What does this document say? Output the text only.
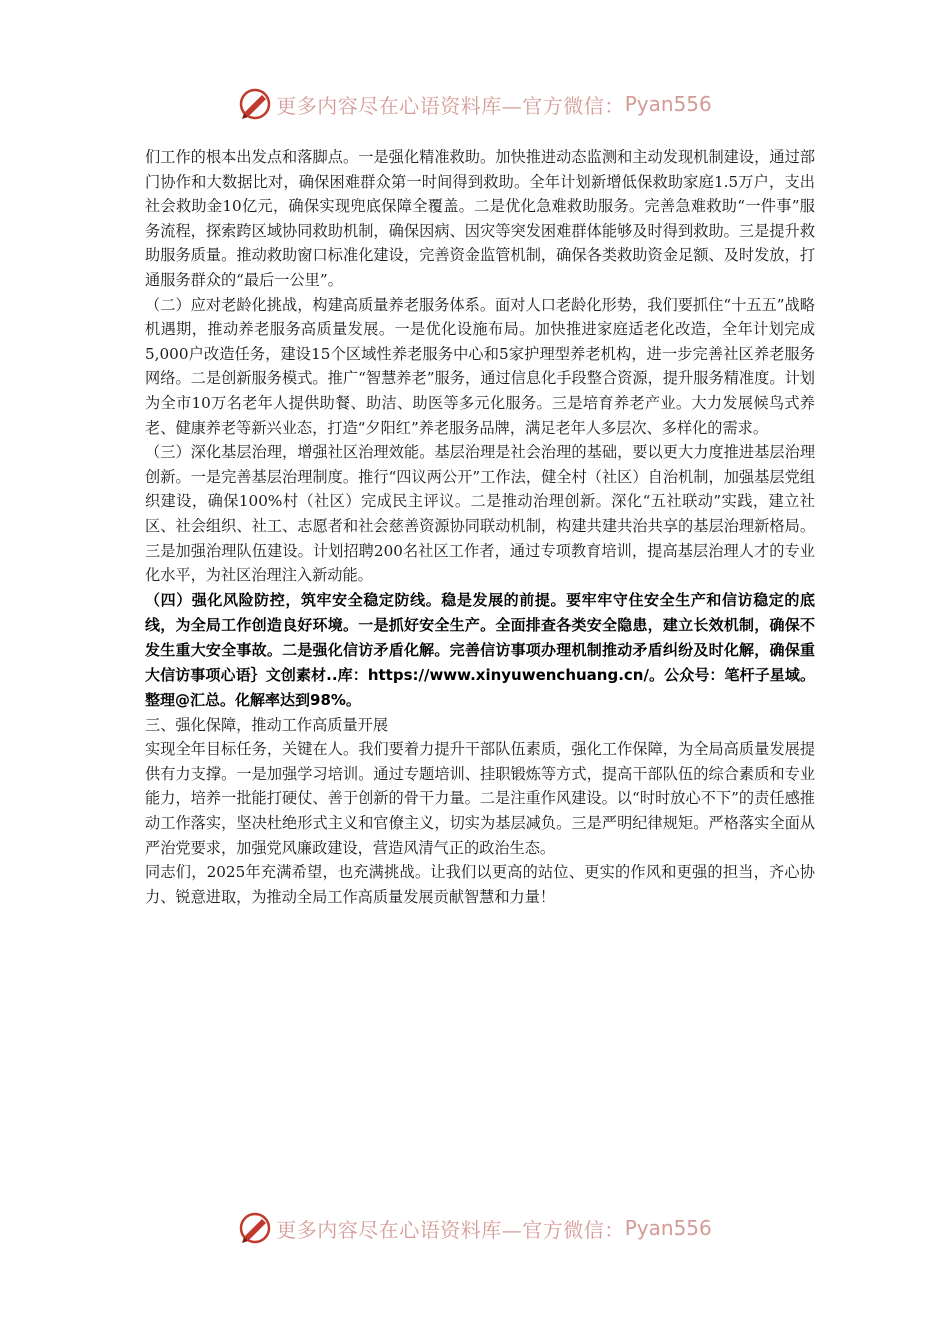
更多内容尽在心语资料库—官方微信： Pyan556

们工作的根本出发点和落脚点。一是强化精准救助。加快推进动态监测和主动发现机制建设，通过部门协作和大数据比对，确保困难群众第一时间得到救助。全年计划新增低保救助家庭1.5万户，支出社会救助金10亿元，确保实现兜底保障全覆盖。二是优化急难救助服务。完善急难救助“一件事”服务流程，探索跨区域协同救助机制，确保因病、因灾等突发困难群体能够及时得到救助。三是提升救助服务质量。推动救助窗口标准化建设，完善资金监管机制，确保各类救助资金足额、及时发放，打通服务群众的“最后一公里”。

（二）应对老龄化挑战，构建高质量养老服务体系。面对人口老龄化形势，我们要抓住“十五五”战略机遇期，推动养老服务高质量发展。一是优化设施布局。加快推进家庭适老化改造，全年计划完成5,000户改造任务，建设15个区域性养老服务中心和5家护理型养老机构，进一步完善社区养老服务网络。二是创新服务模式。推广“智慧养老”服务，通过信息化手段整合资源，提升服务精准度。计划为全市10万名老年人提供助餐、助洁、助医等多元化服务。三是培育养老产业。大力发展候鸟式养老、健康养老等新兴业态，打造“夕阳红”养老服务品牌，满足老年人多层次、多样化的需求。

（三）深化基层治理，增强社区治理效能。基层治理是社会治理的基础，要以更大力度推进基层治理创新。一是完善基层治理制度。推行“四议两公开”工作法，健全村（社区）自治机制，加强基层党组织建设，确保100%村（社区）完成民主评议。二是推动治理创新。深化“五社联动”实践，建立社区、社会组织、社工、志愿者和社会慈善资源协同联动机制，构建共建共治共享的基层治理新格局。三是加强治理队伍建设。计划招聘200名社区工作者，通过专项教育培训，提高基层治理人才的专业化水平，为社区治理注入新动能。

（四）强化风险防控，筑牢安全稳定防线。稳是发展的前提。要牢牢守住安全生产和信访稳定的底线，为全局工作创造良好环境。一是抓好安全生产。全面排查各类安全隐患，建立长效机制，确保不发生重大安全事故。二是强化信访矛盾化解。完善信访事项办理机制推动矛盾纠纷及时化解，确保重大信访事项心语｝文创素材..库：https://www.xinyuwenchuang.cn/。公众号：笔杆子星域。整理@汇总。化解率达到98%。

三、强化保障，推动工作高质量开展

实现全年目标任务，关键在人。我们要着力提升干部队伍素质，强化工作保障，为全局高质量发展提供有力支撑。一是加强学习培训。通过专题培训、挂职锻炼等方式，提高干部队伍的综合素质和专业能力，培养一批能打硬仗、善于创新的骨干力量。二是注重作风建设。以“时时放心不下”的责任感推动工作落实，坚决杜绝形式主义和官僚主义，切实为基层减负。三是严明纪律规矩。严格落实全面从严治党要求，加强党风廉政建设，营造风清气正的政治生态。

同志们，2025年充满希望，也充满挑战。让我们以更高的站位、更实的作风和更强的担当，齐心协力、锐意进取，为推动全局工作高质量发展贡献智慧和力量！

更多内容尽在心语资料库—官方微信： Pyan556
